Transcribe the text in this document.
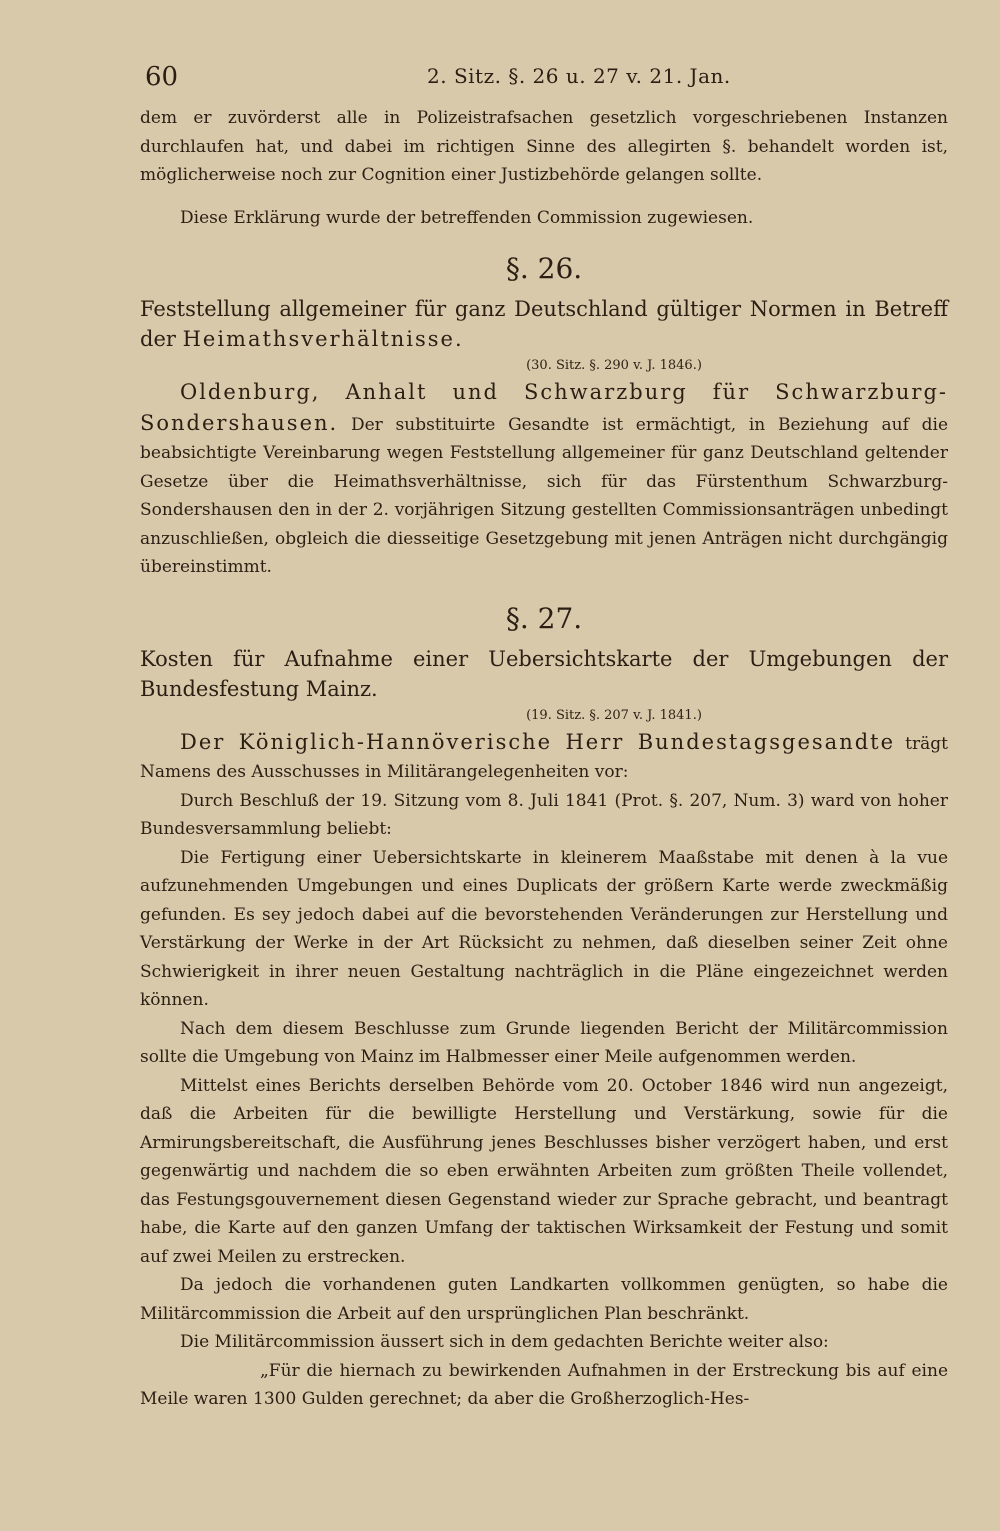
60	2. Sitz. §. 26 u. 27 v. 21. Jan.

dem er zuvörderst alle in Polizeistrafsachen gesetzlich vorgeschriebenen Instanzen durchlaufen hat, und dabei im richtigen Sinne des allegirten §. behandelt worden ist, möglicherweise noch zur Cognition einer Justizbehörde gelangen sollte.

Diese Erklärung wurde der betreffenden Commission zugewiesen.

§. 26.

Feststellung allgemeiner für ganz Deutschland gültiger Normen in Betreff der Heimathsverhältnisse.

(30. Sitz. §. 290 v. J. 1846.)

Oldenburg, Anhalt und Schwarzburg für Schwarzburg-Sondershausen. Der substituirte Gesandte ist ermächtigt, in Beziehung auf die beabsichtigte Vereinbarung wegen Feststellung allgemeiner für ganz Deutschland geltender Gesetze über die Heimathsverhältnisse, sich für das Fürstenthum Schwarzburg-Sondershausen den in der 2. vorjährigen Sitzung gestellten Commissionsanträgen unbedingt anzuschließen, obgleich die diesseitige Gesetzgebung mit jenen Anträgen nicht durchgängig übereinstimmt.

§. 27.

Kosten für Aufnahme einer Uebersichtskarte der Umgebungen der Bundesfestung Mainz.

(19. Sitz. §. 207 v. J. 1841.)

Der Königlich-Hannöverische Herr Bundestagsgesandte trägt Namens des Ausschusses in Militärangelegenheiten vor:

Durch Beschluß der 19. Sitzung vom 8. Juli 1841 (Prot. §. 207, Num. 3) ward von hoher Bundesversammlung beliebt:

Die Fertigung einer Uebersichtskarte in kleinerem Maaßstabe mit denen à la vue aufzunehmenden Umgebungen und eines Duplicats der größern Karte werde zweckmäßig gefunden. Es sey jedoch dabei auf die bevorstehenden Veränderungen zur Herstellung und Verstärkung der Werke in der Art Rücksicht zu nehmen, daß dieselben seiner Zeit ohne Schwierigkeit in ihrer neuen Gestaltung nachträglich in die Pläne eingezeichnet werden können.

Nach dem diesem Beschlusse zum Grunde liegenden Bericht der Militärcommission sollte die Umgebung von Mainz im Halbmesser einer Meile aufgenommen werden.

Mittelst eines Berichts derselben Behörde vom 20. October 1846 wird nun angezeigt, daß die Arbeiten für die bewilligte Herstellung und Verstärkung, sowie für die Armirungsbereitschaft, die Ausführung jenes Beschlusses bisher verzögert haben, und erst gegenwärtig und nachdem die so eben erwähnten Arbeiten zum größten Theile vollendet, das Festungsgouvernement diesen Gegenstand wieder zur Sprache gebracht, und beantragt habe, die Karte auf den ganzen Umfang der taktischen Wirksamkeit der Festung und somit auf zwei Meilen zu erstrecken.

Da jedoch die vorhandenen guten Landkarten vollkommen genügten, so habe die Militärcommission die Arbeit auf den ursprünglichen Plan beschränkt.

Die Militärcommission äussert sich in dem gedachten Berichte weiter also:

„Für die hiernach zu bewirkenden Aufnahmen in der Erstreckung bis auf eine Meile waren 1300 Gulden gerechnet; da aber die Großherzoglich-Hes-
